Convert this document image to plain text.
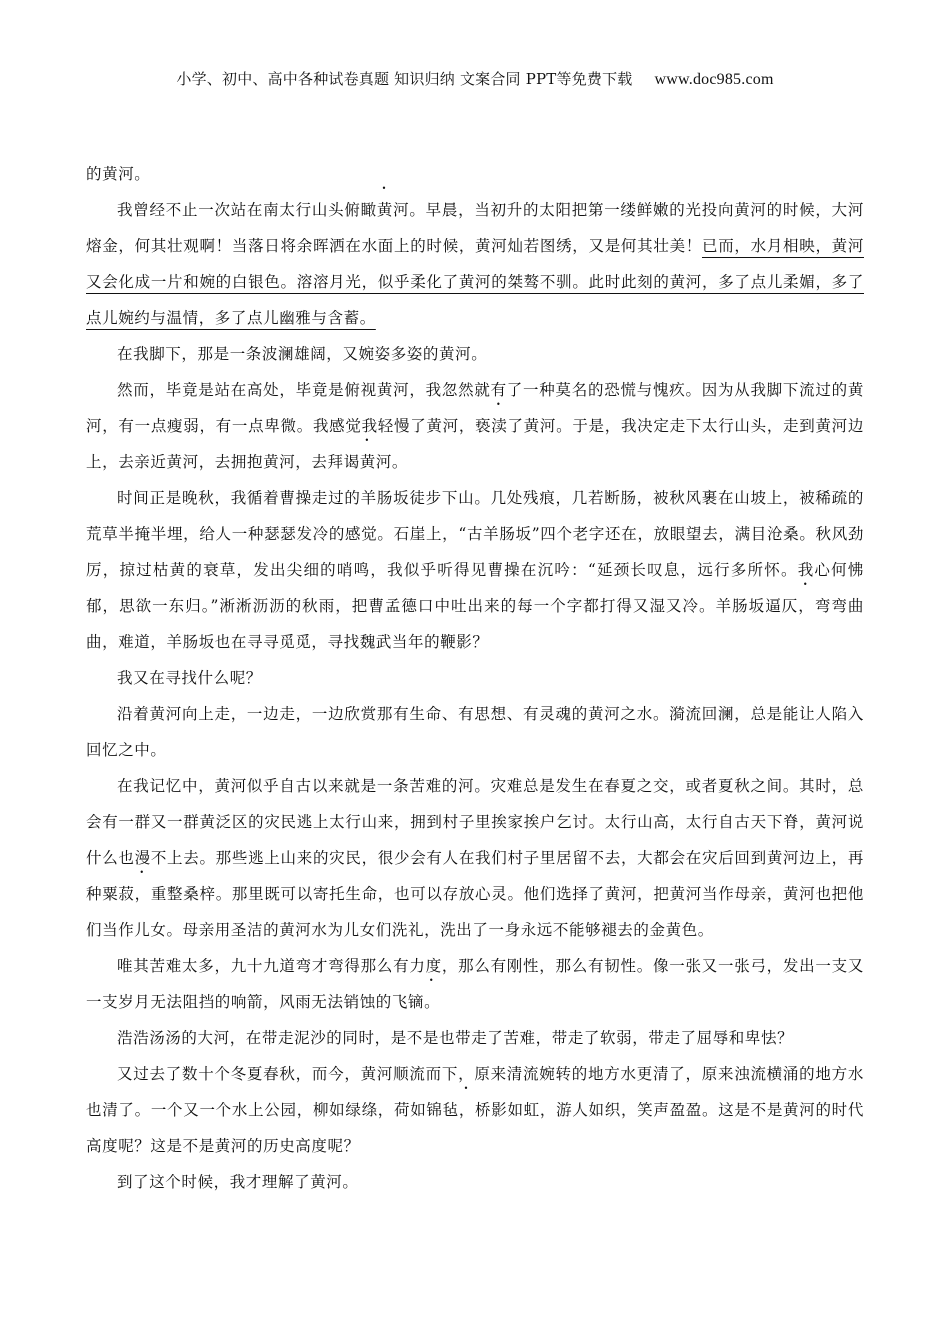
小学、初中、高中各种试卷真题 知识归纳 文案合同 PPT等免费下载 www.doc985.com

的黄河。

我曾经不止一次站在南太行山头俯瞰黄河。早晨，当初升的太阳把第一缕鲜嫩的光投向黄河的时候，大河熔金，何其壮观啊！当落日将余晖洒在水面上的时候，黄河灿若图绣，又是何其壮美！已而，水月相映，黄河又会化成一片和婉的白银色。溶溶月光，似乎柔化了黄河的桀骜不驯。此时此刻的黄河，多了点儿柔媚，多了点儿婉约与温情，多了点儿幽雅与含蓄。

在我脚下，那是一条波澜雄阔，又婉姿多姿的黄河。

然而，毕竟是站在高处，毕竟是俯视黄河，我忽然就有了一种莫名的恐慌与愧疚。因为从我脚下流过的黄河，有一点瘦弱，有一点卑微。我感觉我轻慢了黄河，亵渎了黄河。于是，我决定走下太行山头，走到黄河边上，去亲近黄河，去拥抱黄河，去拜谒黄河。

时间正是晚秋，我循着曹操走过的羊肠坂徒步下山。几处残痕，几若断肠，被秋风裹在山坡上，被稀疏的荒草半掩半埋，给人一种瑟瑟发冷的感觉。石崖上，“古羊肠坂”四个老字还在，放眼望去，满目沧桑。秋风劲厉，掠过枯黄的衰草，发出尖细的哨鸣，我似乎听得见曹操在沉吟：“延颈长叹息，远行多所怀。我心何怫郁，思欲一东归。”淅淅沥沥的秋雨，把曹孟德口中吐出来的每一个字都打得又湿又冷。羊肠坂逼仄，弯弯曲曲，难道，羊肠坂也在寻寻觅觅，寻找魏武当年的鞭影？

我又在寻找什么呢？

沿着黄河向上走，一边走，一边欣赏那有生命、有思想、有灵魂的黄河之水。漪流回澜，总是能让人陷入回忆之中。

在我记忆中，黄河似乎自古以来就是一条苦难的河。灾难总是发生在春夏之交，或者夏秋之间。其时，总会有一群又一群黄泛区的灾民逃上太行山来，拥到村子里挨家挨户乞讨。太行山高，太行自古天下脊，黄河说什么也漫不上去。那些逃上山来的灾民，很少会有人在我们村子里居留不去，大都会在灾后回到黄河边上，再种粟菽，重整桑梓。那里既可以寄托生命，也可以存放心灵。他们选择了黄河，把黄河当作母亲，黄河也把他们当作儿女。母亲用圣洁的黄河水为儿女们洗礼，洗出了一身永远不能够褪去的金黄色。

唯其苦难太多，九十九道弯才弯得那么有力度，那么有刚性，那么有韧性。像一张又一张弓，发出一支又一支岁月无法阻挡的响箭，风雨无法销蚀的飞镝。

浩浩汤汤的大河，在带走泥沙的同时，是不是也带走了苦难，带走了软弱，带走了屈辱和卑怯？

又过去了数十个冬夏春秋，而今，黄河顺流而下，原来清流婉转的地方水更清了，原来浊流横涌的地方水也清了。一个又一个水上公园，柳如绿绦，荷如锦毡，桥影如虹，游人如织，笑声盈盈。这是不是黄河的时代高度呢？这是不是黄河的历史高度呢？

到了这个时候，我才理解了黄河。
